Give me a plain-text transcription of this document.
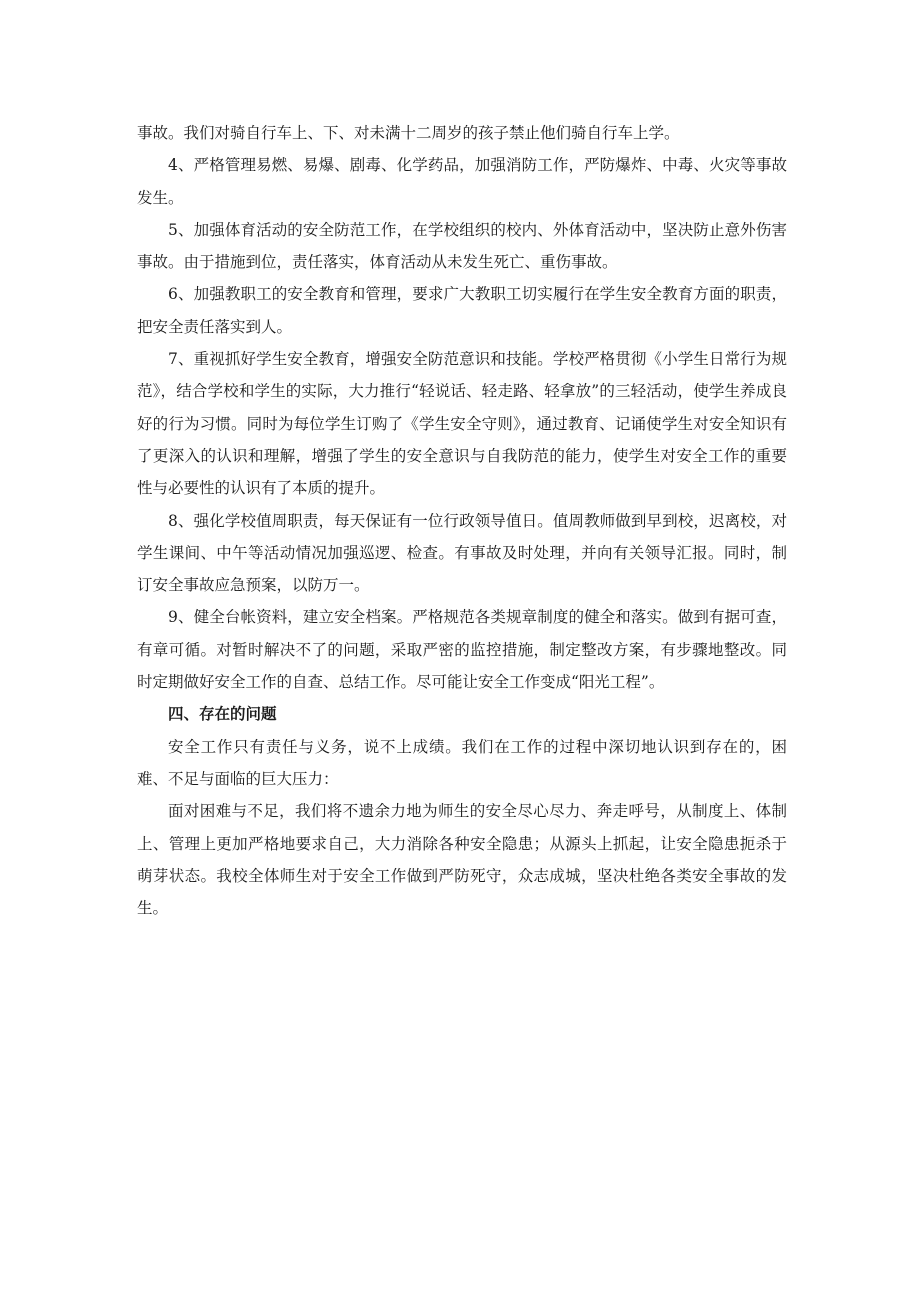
事故。我们对骑自行车上、下、对未满十二周岁的孩子禁止他们骑自行车上学。

4、严格管理易燃、易爆、剧毒、化学药品，加强消防工作，严防爆炸、中毒、火灾等事故发生。

5、加强体育活动的安全防范工作，在学校组织的校内、外体育活动中，坚决防止意外伤害事故。由于措施到位，责任落实，体育活动从未发生死亡、重伤事故。

6、加强教职工的安全教育和管理，要求广大教职工切实履行在学生安全教育方面的职责，把安全责任落实到人。

7、重视抓好学生安全教育，增强安全防范意识和技能。学校严格贯彻《小学生日常行为规范》，结合学校和学生的实际，大力推行“轻说话、轻走路、轻拿放”的三轻活动，使学生养成良好的行为习惯。同时为每位学生订购了《学生安全守则》，通过教育、记诵使学生对安全知识有了更深入的认识和理解，增强了学生的安全意识与自我防范的能力，使学生对安全工作的重要性与必要性的认识有了本质的提升。

8、强化学校值周职责，每天保证有一位行政领导值日。值周教师做到早到校，迟离校，对学生课间、中午等活动情况加强巡逻、检查。有事故及时处理，并向有关领导汇报。同时，制订安全事故应急预案，以防万一。

9、健全台帐资料，建立安全档案。严格规范各类规章制度的健全和落实。做到有据可查，有章可循。对暂时解决不了的问题，采取严密的监控措施，制定整改方案，有步骤地整改。同时定期做好安全工作的自查、总结工作。尽可能让安全工作变成“阳光工程”。

四、存在的问题

安全工作只有责任与义务，说不上成绩。我们在工作的过程中深切地认识到存在的，困难、不足与面临的巨大压力：

面对困难与不足，我们将不遗余力地为师生的安全尽心尽力、奔走呼号，从制度上、体制上、管理上更加严格地要求自己，大力消除各种安全隐患；从源头上抓起，让安全隐患扼杀于萌芽状态。我校全体师生对于安全工作做到严防死守，众志成城，坚决杜绝各类安全事故的发生。
